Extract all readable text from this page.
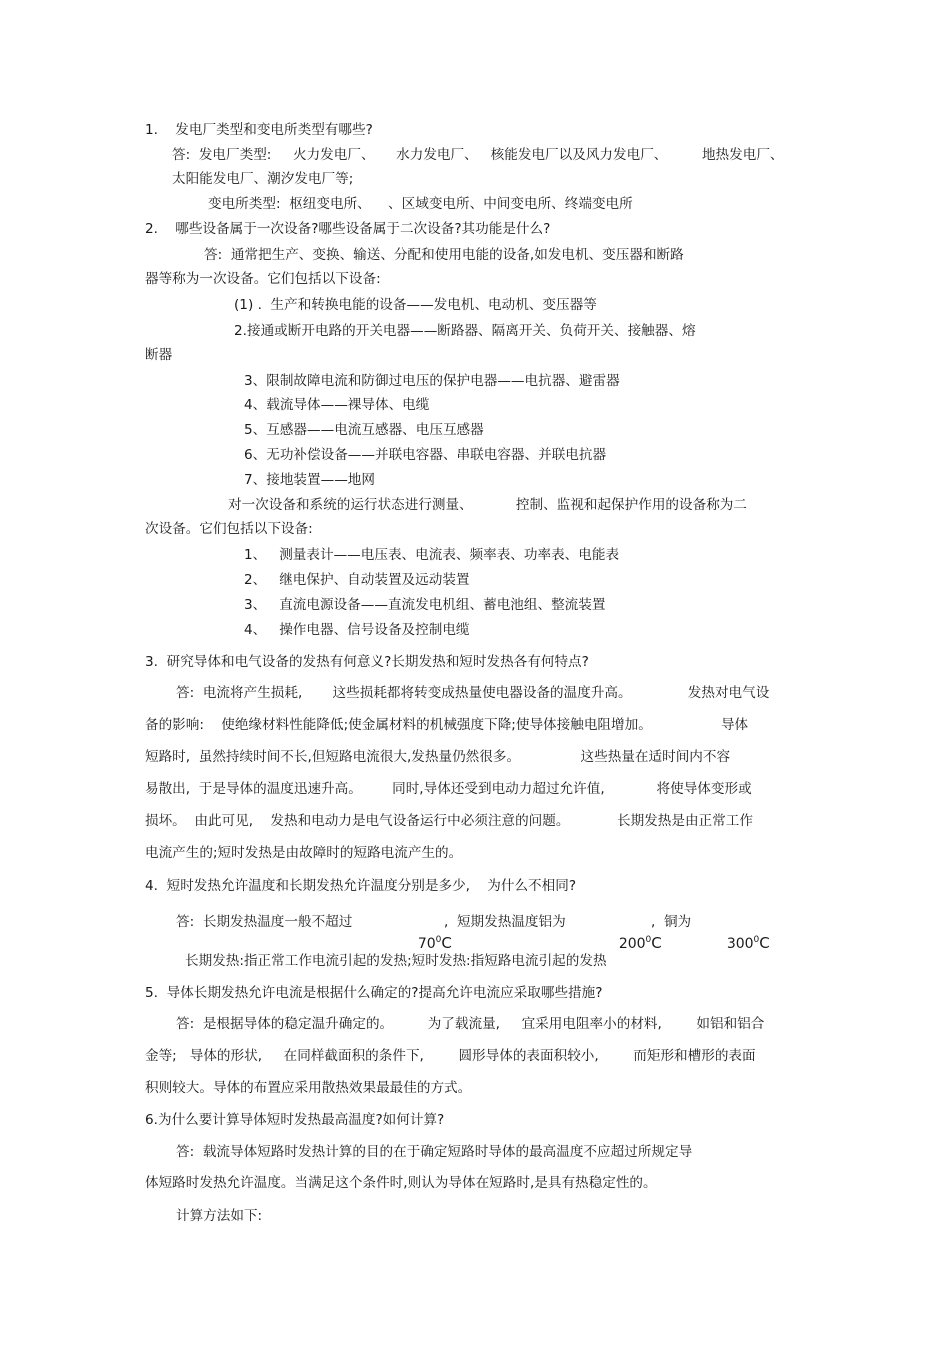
1.    发电厂类型和变电所类型有哪些?
答:  发电厂类型:     火力发电厂、     水力发电厂、   核能发电厂以及风力发电厂、        地热发电厂、
太阳能发电厂、潮汐发电厂等;
变电所类型:  枢纽变电所、    、区域变电所、中间变电所、终端变电所
2.    哪些设备属于一次设备?哪些设备属于二次设备?其功能是什么?
答:  通常把生产、变换、输送、分配和使用电能的设备,如发电机、变压器和断路
器等称为一次设备。它们包括以下设备:
(1) .  生产和转换电能的设备——发电机、电动机、变压器等
2.接通或断开电路的开关电器——断路器、隔离开关、负荷开关、接触器、熔
断器
3、限制故障电流和防御过电压的保护电器——电抗器、避雷器
4、载流导体——裸导体、电缆
5、互感器——电流互感器、电压互感器
6、无功补偿设备——并联电容器、串联电容器、并联电抗器
7、接地装置——地网
对一次设备和系统的运行状态进行测量、          控制、监视和起保护作用的设备称为二
次设备。它们包括以下设备:
1、   测量表计——电压表、电流表、频率表、功率表、电能表
2、   继电保护、自动装置及远动装置
3、   直流电源设备——直流发电机组、蓄电池组、整流装置
4、   操作电器、信号设备及控制电缆
3.  研究导体和电气设备的发热有何意义?长期发热和短时发热各有何特点?
答:  电流将产生损耗,       这些损耗都将转变成热量使电器设备的温度升高。             发热对电气设
备的影响:    使绝缘材料性能降低;使金属材料的机械强度下降;使导体接触电阻增加。                导体
短路时,  虽然持续时间不长,但短路电流很大,发热量仍然很多。              这些热量在适时间内不容
易散出,  于是导体的温度迅速升高。       同时,导体还受到电动力超过允许值,            将使导体变形或
损坏。  由此可见,    发热和电动力是电气设备运行中必须注意的问题。           长期发热是由正常工作
电流产生的;短时发热是由故障时的短路电流产生的。
4.  短时发热允许温度和长期发热允许温度分别是多少,    为什么不相同?
答:  长期发热温度一般不超过

$70^0C$

,  短期发热温度铝为

$200^0C$

,  铜为

$300^0C$

长期发热:指正常工作电流引起的发热;短时发热:指短路电流引起的发热
5.  导体长期发热允许电流是根据什么确定的?提高允许电流应采取哪些措施?
答:  是根据导体的稳定温升确定的。        为了载流量,     宜采用电阻率小的材料,        如铝和铝合
金等;   导体的形状,     在同样截面积的条件下,        圆形导体的表面积较小,        而矩形和槽形的表面
积则较大。导体的布置应采用散热效果最最佳的方式。
6.为什么要计算导体短时发热最高温度?如何计算?
答:  载流导体短路时发热计算的目的在于确定短路时导体的最高温度不应超过所规定导
体短路时发热允许温度。当满足这个条件时,则认为导体在短路时,是具有热稳定性的。
计算方法如下:
